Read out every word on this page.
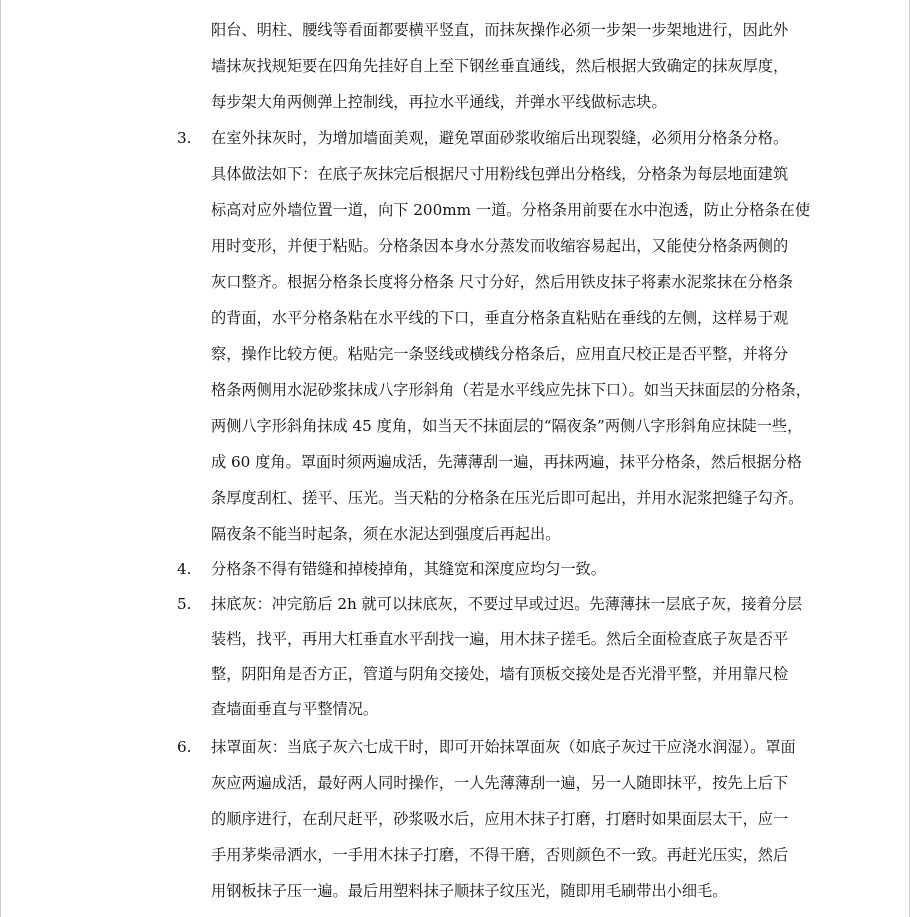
阳台、明柱、腰线等看面都要横平竖直，而抹灰操作必须一步架一步架地进行，因此外
墙抹灰找规矩要在四角先挂好自上至下钢丝垂直通线，然后根据大致确定的抹灰厚度，
每步架大角两侧弹上控制线，再拉水平通线，并弹水平线做标志块。
3. 在室外抹灰时，为增加墙面美观，避免罩面砂浆收缩后出现裂缝，必须用分格条分格。
具体做法如下：在底子灰抹完后根据尺寸用粉线包弹出分格线，分格条为每层地面建筑
标高对应外墙位置一道，向下 200mm 一道。分格条用前要在水中泡透，防止分格条在使
用时变形，并便于粘贴。分格条因本身水分蒸发而收缩容易起出，又能使分格条两侧的
灰口整齐。根据分格条长度将分格条 尺寸分好，然后用铁皮抹子将素水泥浆抹在分格条
的背面，水平分格条粘在水平线的下口，垂直分格条直粘贴在垂线的左侧，这样易于观
察，操作比较方便。粘贴完一条竖线或横线分格条后，应用直尺校正是否平整，并将分
格条两侧用水泥砂浆抹成八字形斜角（若是水平线应先抹下口）。如当天抹面层的分格条，
两侧八字形斜角抹成 45 度角，如当天不抹面层的“隔夜条”两侧八字形斜角应抹陡一些，
成 60 度角。罩面时须两遍成活，先薄薄刮一遍，再抹两遍，抹平分格条，然后根据分格
条厚度刮杠、搓平、压光。当天粘的分格条在压光后即可起出，并用水泥浆把缝子勾齐。
隔夜条不能当时起条，须在水泥达到强度后再起出。
4. 分格条不得有错缝和掉棱掉角，其缝宽和深度应均匀一致。
5. 抹底灰：冲完筋后 2h 就可以抹底灰，不要过早或过迟。先薄薄抹一层底子灰，接着分层
装档，找平，再用大杠垂直水平刮找一遍，用木抹子搓毛。然后全面检查底子灰是否平
整，阴阳角是否方正，管道与阴角交接处，墙有顶板交接处是否光滑平整，并用靠尺检
查墙面垂直与平整情况。
6. 抹罩面灰：当底子灰六七成干时，即可开始抹罩面灰（如底子灰过干应浇水润湿）。罩面
灰应两遍成活，最好两人同时操作，一人先薄薄刮一遍，另一人随即抹平，按先上后下
的顺序进行，在刮尺赶平，砂浆吸水后，应用木抹子打磨，打磨时如果面层太干，应一
手用茅柴帚洒水，一手用木抹子打磨，不得干磨，否则颜色不一致。再赶光压实，然后
用钢板抹子压一遍。最后用塑料抹子顺抹子纹压光，随即用毛刷带出小细毛。
